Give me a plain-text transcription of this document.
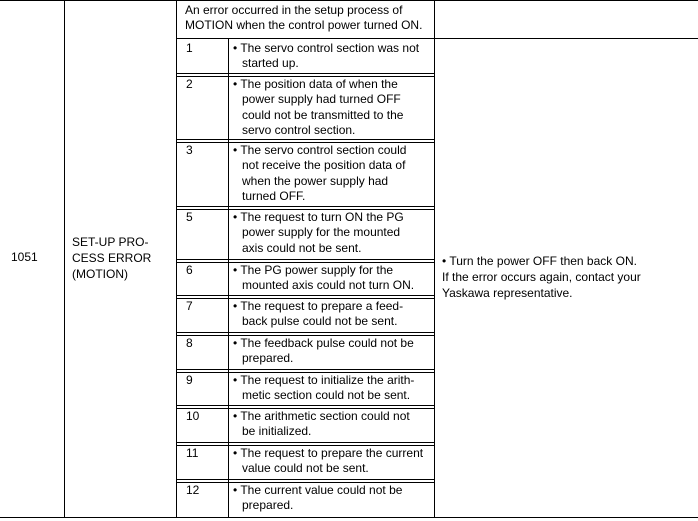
1051
SET-UP PRO-
CESS ERROR
(MOTION)
An error occurred in the setup process of
MOTION when the control power turned ON.
• Turn the power OFF then back ON.
If the error occurs again, contact your
Yaskawa representative.
1	• The servo control section was not
started up.
2	• The position data of when the
power supply had turned OFF
could not be transmitted to the
servo control section.
3	• The servo control section could
not receive the position data of
when the power supply had
turned OFF.
5	• The request to turn ON the PG
power supply for the mounted
axis could not be sent.
6	• The PG power supply for the
mounted axis could not turn ON.
7	• The request to prepare a feed-
back pulse could not be sent.
8	• The feedback pulse could not be
prepared.
9	• The request to initialize the arith-
metic section could not be sent.
10	• The arithmetic section could not
be initialized.
11	• The request to prepare the current
value could not be sent.
12	• The current value could not be
prepared.
